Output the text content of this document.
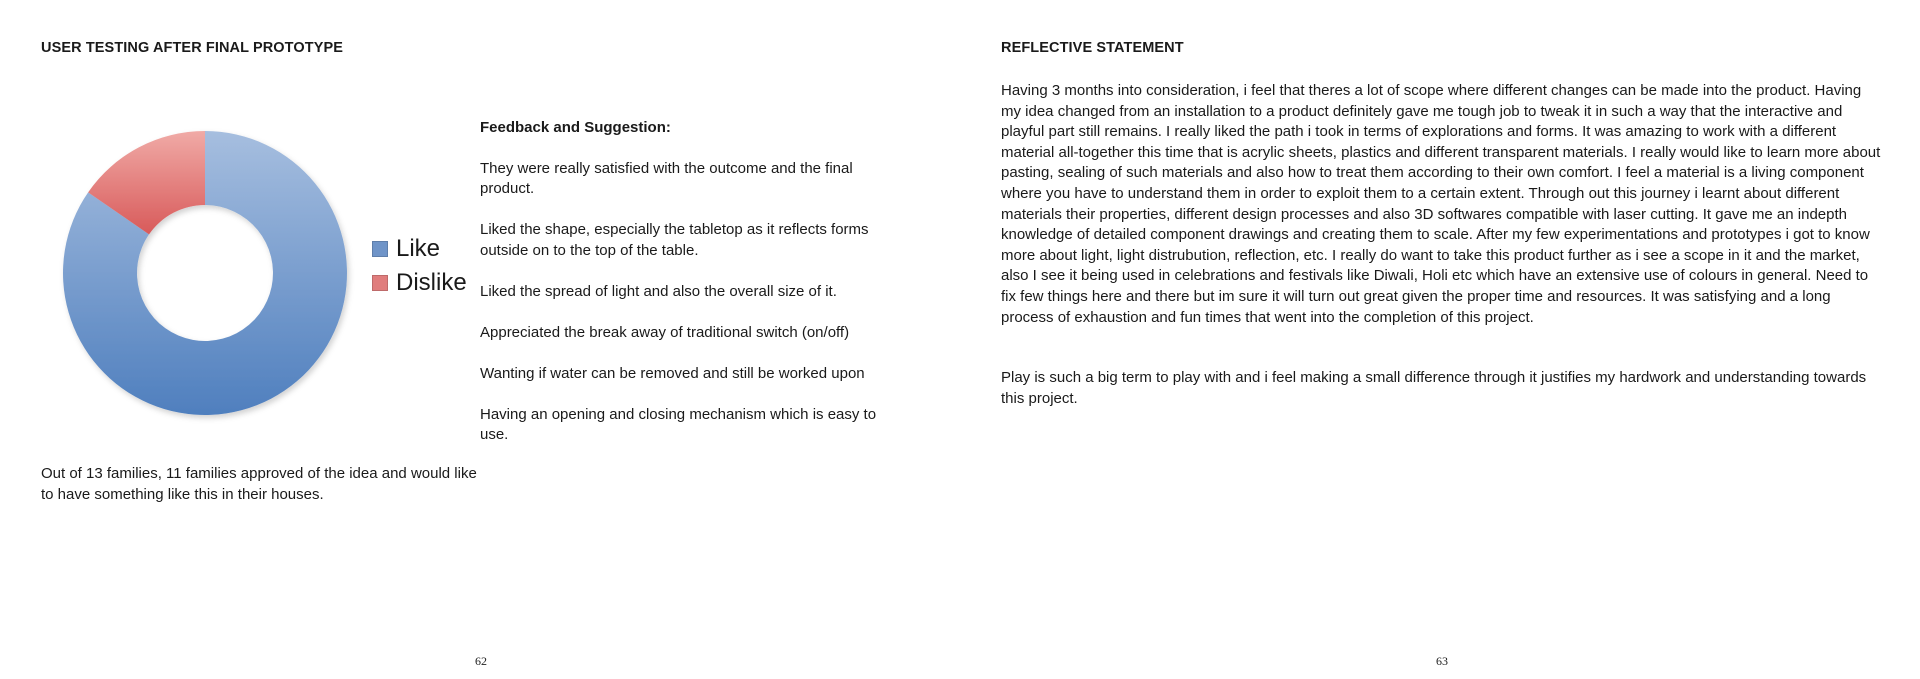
USER TESTING AFTER FINAL PROTOTYPE
Like
Dislike

Out of 13 families, 11 families approved of the idea and would like to have something like this in their houses.

Feedback and Suggestion:

They were really satisfied with the outcome and the final product.
Liked the shape, especially the tabletop as it reflects forms outside on to the top of the table.
Liked the spread of light and also the overall size of it.
Appreciated the break away of traditional switch (on/off)
Wanting if water can be removed and still be worked upon
Having an opening and closing mechanism which is easy to use.
62
REFLECTIVE STATEMENT

Having 3 months into consideration, i feel that theres a lot of scope where different changes can be made into the product. Having my idea changed from an installation to a product definitely gave me tough job to tweak it in such a way that the interactive and playful part still remains. I really liked the path i took in terms of explorations and forms. It was amazing to work with a different material all-together this time that is acrylic sheets, plastics and different transparent materials. I really would like to learn more about pasting, sealing of such materials and also how to treat them according to their own comfort. I feel a material is a living component where you have to understand them in order to exploit them to a certain extent. Through out this journey i learnt about different materials their properties, different design processes and also 3D softwares compatible with laser cutting. It gave me an indepth knowledge of detailed component drawings and creating them to scale. After my few experimentations and prototypes i got to know more about light, light distrubution, reflection, etc. I really do want to take this product further as i see a scope in it and the market, also I see it being used in celebrations and festivals like Diwali, Holi etc which have an extensive use of colours in general. Need to fix few things here and there but im sure it will turn out great given the proper time and resources. It was satisfying and a long process of exhaustion and fun times that went into the completion of this project.

Play is such a big term to play with and i feel making a small difference through it justifies my hardwork and understanding towards this project.

63
